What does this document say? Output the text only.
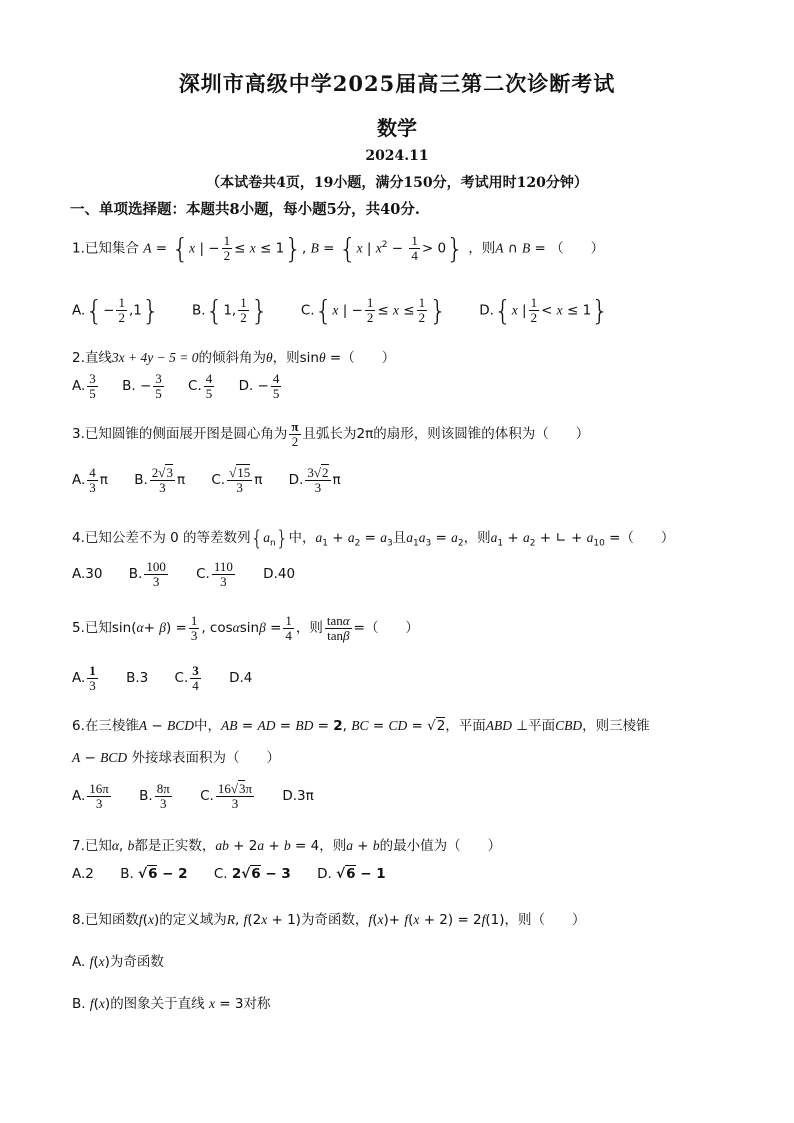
深圳市高级中学2025届高三第二次诊断考试
数学
2024.11
（本试卷共4页，19小题，满分150分，考试用时120分钟）
一、单项选择题：本题共8小题，每小题5分，共40分.
1.已知集合 A = {x | − $\frac{1}{2} \le x \le 1$}, B = {x | $x^2 - \frac{1}{4} > 0$} ，则A ∩ B = （　　）
$A.\{- \frac{1}{2} ,1\}$ B.{1, $\frac{1}{2}$ } C.{x | − $\frac{1}{2} \le x \le \frac{1}{2}$ } D.{x | $\frac{1}{2} < x \le 1$}
2.直线3x + 4y − 5 = 0的倾斜角为θ，则sinθ =（　　）
A. $\frac{3}{5} B$. − $\frac{3}{5} C$. $\frac{4}{5} D$. − $\frac{4}{5}$
3.已知圆锥的侧面展开图是圆心角为 $\frac{\pi}{2}$ 且弧长为2π的扇形，则该圆锥的体积为（　　）
A. $\frac{4}{3}$ π B. $\frac{2√3}{3}$ π C. $\frac{√15}{3}$ π D. $\frac{3√2}{3}$ π
4.已知公差不为 0 的等差数列$\{a_n\}$中，$a_1 + a_2 = a_3$且$a_1a_3 = a_2$，则$a_1 + a_2$ + ∟ + $a_{10}$ =（　　）
A.30 B. $\frac{100}{3} C$. $\frac{110}{3} D.40$
5.已知$\sin(\alpha+ \beta) = \frac{1}{3}$ , $\cos\alpha\sin\beta = \frac{1}{4}$ ，则 $\frac{\tan\alpha}{\tan\beta}$ =（　　）
A. $\frac{1}{3} B.3$ C. $\frac{3}{4} D.4$
6.在三棱锥A − BCD中，AB = AD = BD = 2, BC = CD = √2，平面ABD ⊥平面CBD，则三棱锥
A − BCD 外接球表面积为（　　）
A. $\frac{16\pi}{3} B$. $\frac{8\pi}{3} C$. $\frac{16√3\pi}{3} D.3\pi$
7.已知α, b都是正实数，ab + 2a + b = 4，则a + b的最小值为（　　）
A.2 B. √6 − 2 C. 2√6 − 3 D. √6 − 1
8.已知函数f(x)的定义域为R, f(2x + 1)为奇函数，f(x)+ f(x + 2) = 2f(1)，则（　　）
A. f(x)为奇函数
B. f(x)的图象关于直线 x = 3对称
